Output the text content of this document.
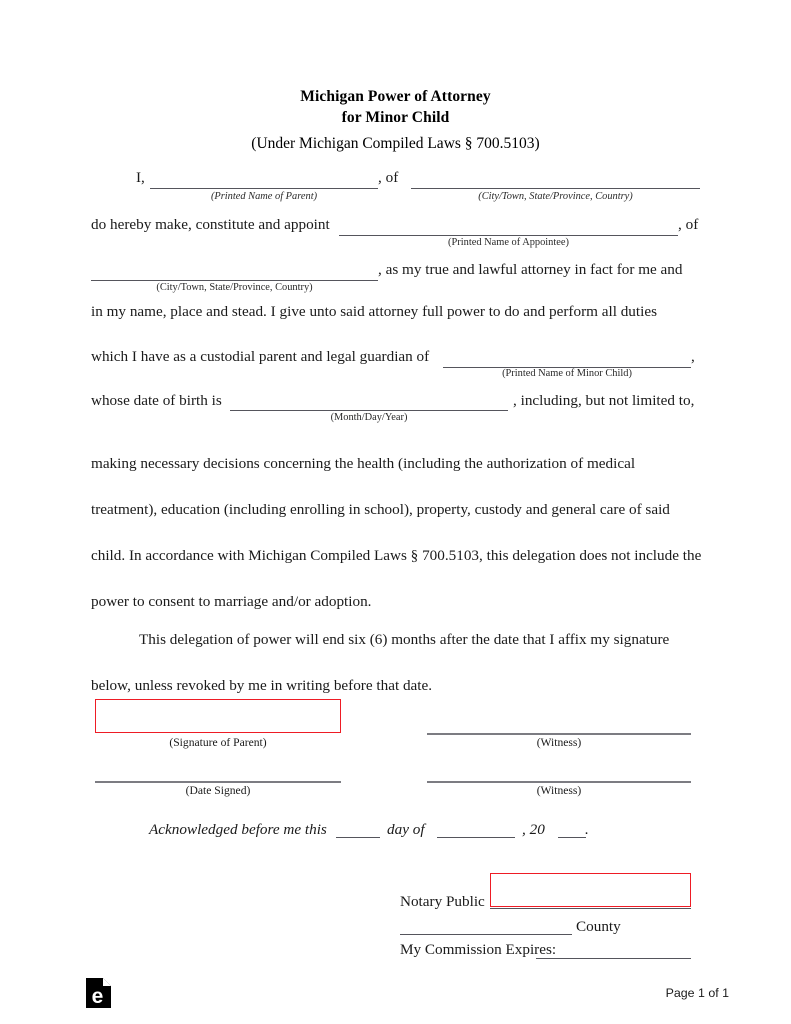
Michigan Power of Attorney
for Minor Child
(Under Michigan Compiled Laws § 700.5103)
I,
(Printed Name of Parent)
, of
(City/Town, State/Province, Country)
do hereby make, constitute and appoint
(Printed Name of Appointee)
, of
(City/Town, State/Province, Country)
, as my true and lawful attorney in fact for me and
in my name, place and stead. I give unto said attorney full power to do and perform all duties
which I have as a custodial parent and legal guardian of
(Printed Name of Minor Child)
,
whose date of birth is
(Month/Day/Year)
, including, but not limited to,
making necessary decisions concerning the health (including the authorization of medical treatment), education (including enrolling in school), property, custody and general care of said child. In accordance with Michigan Compiled Laws § 700.5103, this delegation does not include the power to consent to marriage and/or adoption.
This delegation of power will end six (6) months after the date that I affix my signature below, unless revoked by me in writing before that date.
(Signature of Parent)	(Witness)
(Date Signed)	(Witness)
Acknowledged before me this	day of	, 20	.
Notary Public
County
My Commission Expires:
e	Page 1 of 1
